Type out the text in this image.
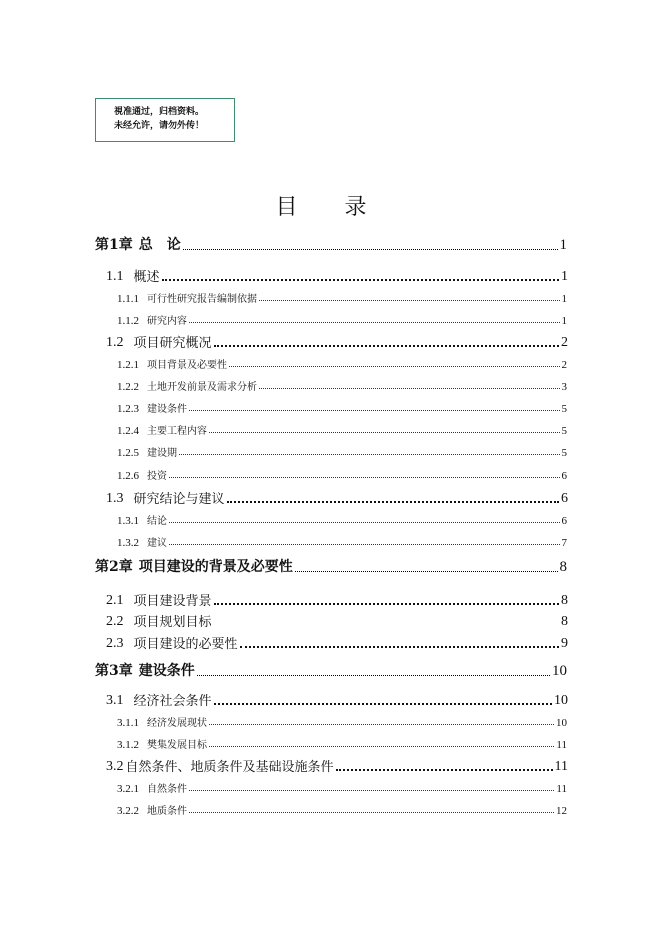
視准通过，归档资料。
未经允许，请勿外传！
目 录
第1章 总　论	1
1.1 概述	1
1.1.1 可行性研究报告编制依据	1
1.1.2 研究内容	1
1.2 项目研究概况	2
1.2.1 项目背景及必要性	2
1.2.2 土地开发前景及需求分析	3
1.2.3 建设条件	5
1.2.4 主要工程内容	5
1.2.5 建设期	5
1.2.6 投资	6
1.3 研究结论与建议	6
1.3.1 结论	6
1.3.2 建议	7
第2章 项目建设的背景及必要性	8
2.1 项目建设背景	8
2.2 项目规划目标	8
2.3 项目建设的必要性	9
第3章 建设条件	10
3.1 经济社会条件	10
3.1.1 经济发展现状	10
3.1.2 樊集发展目标	11
3.2 自然条件、地质条件及基础设施条件	11
3.2.1 自然条件	11
3.2.2 地质条件	12
